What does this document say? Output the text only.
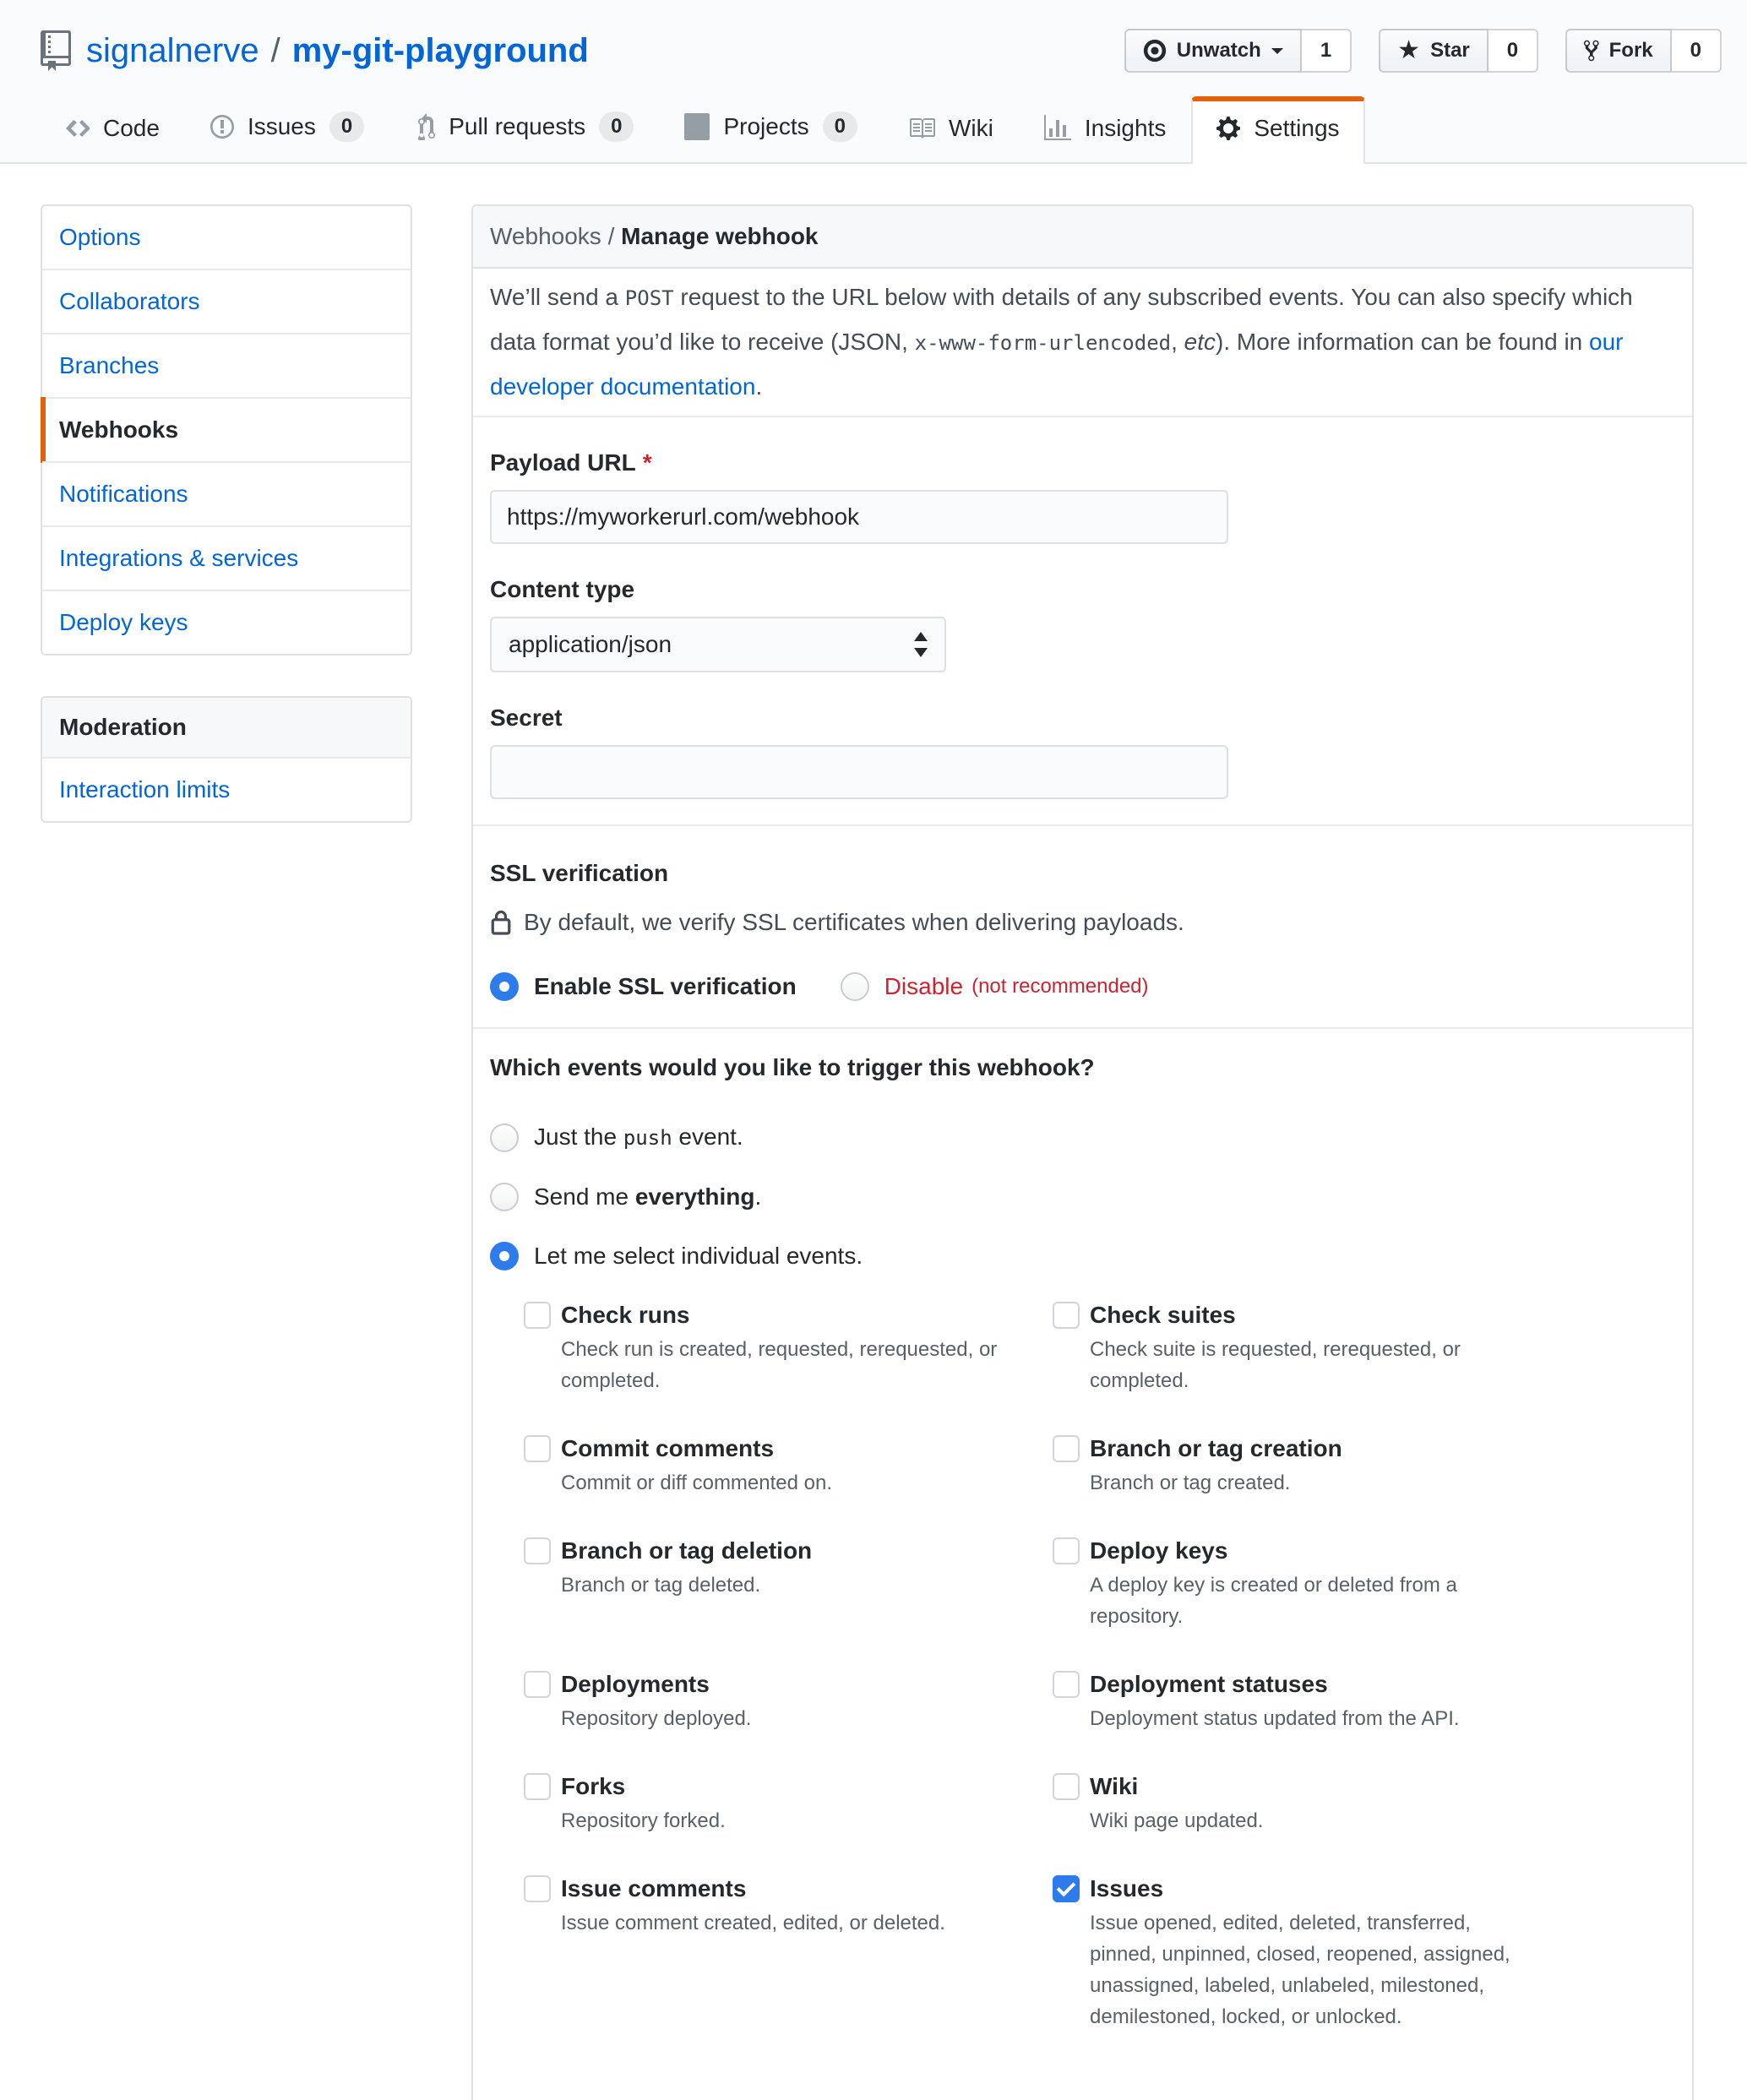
signalnerve / my-git-playground	Unwatch	1	★ Star	0	Fork	0
Code	Issues	0	Pull requests	0	Projects	0	Wiki	Insights	Settings
Options
Collaborators
Branches
Webhooks
Notifications
Integrations & services
Deploy keys
Moderation
Interaction limits
Webhooks / Manage webhook

We’ll send a POST request to the URL below with details of any subscribed events. You can also specify which data format you’d like to receive (JSON, x-www-form-urlencoded, etc). More information can be found in our developer documentation.

Payload URL *
https://myworkerurl.com/webhook
Content type
application/json
Secret
SSL verification
By default, we verify SSL certificates when delivering payloads.
Enable SSL verification	Disable (not recommended)
Which events would you like to trigger this webhook?
Just the push event.
Send me everything.
Let me select individual events.
Check runs
Check run is created, requested, rerequested, or completed.
Check suites
Check suite is requested, rerequested, or completed.
Commit comments
Commit or diff commented on.
Branch or tag creation
Branch or tag created.
Branch or tag deletion
Branch or tag deleted.
Deploy keys
A deploy key is created or deleted from a repository.
Deployments
Repository deployed.
Deployment statuses
Deployment status updated from the API.
Forks
Repository forked.
Wiki
Wiki page updated.
Issue comments
Issue comment created, edited, or deleted.
Issues
Issue opened, edited, deleted, transferred, pinned, unpinned, closed, reopened, assigned, unassigned, labeled, unlabeled, milestoned, demilestoned, locked, or unlocked.
